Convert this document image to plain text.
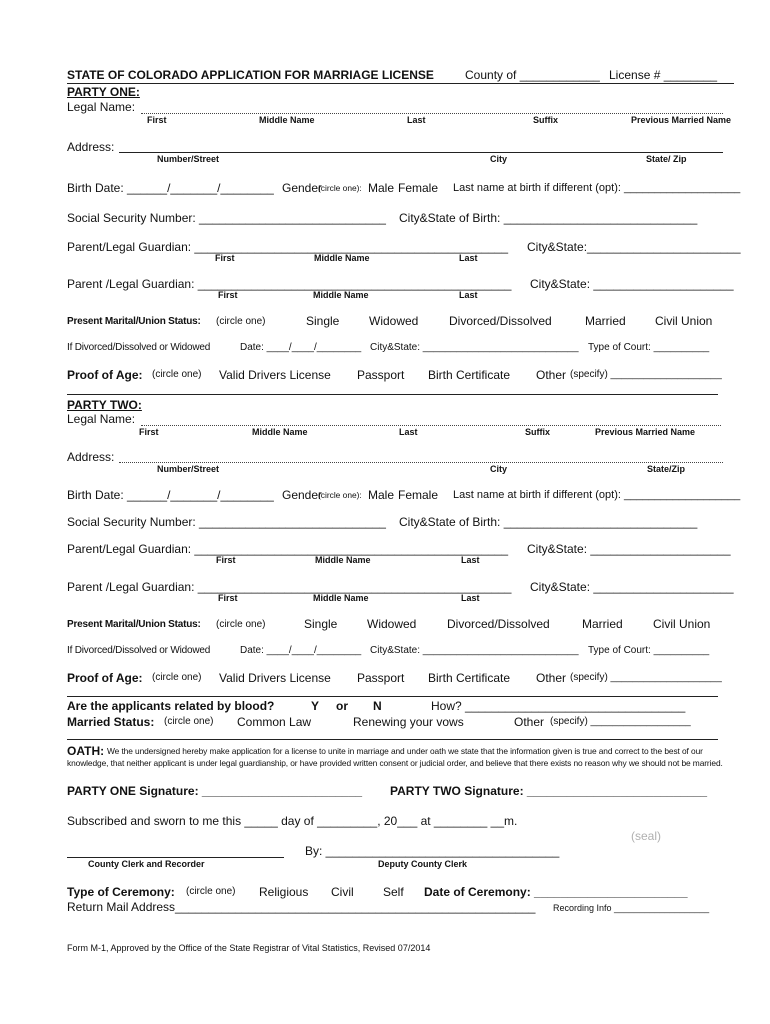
STATE OF COLORADO APPLICATION FOR MARRIAGE LICENSE	County of ____________ License # ________
PARTY ONE:
Legal Name:
First	Middle Name	Last	Suffix	Previous Married Name
Address:
Number/Street	City	State/ Zip
Birth Date: ______/_______/________ Gender
(circle one): Male Female Last name at birth if different (opt): ___________________
Social Security Number: ____________________________ City&State of Birth: _____________________________
Parent/Legal Guardian: _______________________________________________ City&State:_______________________
First	Middle Name	Last
Parent /Legal Guardian: _______________________________________________ City&State: _____________________
First	Middle Name	Last
Present Marital/Union Status: (circle one)	Single Widowed	Divorced/Dissolved	Married Civil Union
If Divorced/Dissolved or Widowed	Date: ____/____/________ City&State: ____________________________ Type of Court: __________
Proof of Age: (circle one) Valid Drivers License Passport Birth Certificate Other (specify) ____________________
PARTY TWO:
Legal Name:
First	Middle Name	Last	Suffix	Previous Married Name
Address:
Number/Street	City	State/Zip
Birth Date: ______/_______/________ Gender
(circle one): Male Female Last name at birth if different (opt): ___________________
Social Security Number: ____________________________ City&State of Birth: _____________________________
Parent/Legal Guardian: _______________________________________________ City&State: _____________________
First	Middle Name	Last
Parent /Legal Guardian: _______________________________________________ City&State: _____________________
First	Middle Name	Last
Present Marital/Union Status: (circle one)	Single Widowed	Divorced/Dissolved	Married	Civil Union
If Divorced/Dissolved or Widowed	Date: ____/____/________ City&State: ____________________________ Type of Court: __________
Proof of Age: (circle one) Valid Drivers License Passport Birth Certificate Other (specify) ____________________
Are the applicants related by blood?	Y or N	How? _________________________________
Married Status: (circle one) Common Law	Renewing your vows	Other (specify) __________________
OATH: We the undersigned hereby make application for a license to unite in marriage and under oath we state that the information given is true and correct to the best of our
knowledge, that neither applicant is under legal guardianship, or have provided written consent or judicial order, and believe that there exists no reason why we should not be married.
PARTY ONE Signature: ________________________ PARTY TWO Signature: ___________________________
Subscribed and sworn to me this _____ day of _________, 20___ at ________ __m.
(seal)
By: ___________________________________
County Clerk and Recorder	Deputy County Clerk
Type of Ceremony: (circle one) Religious Civil Self Date of Ceremony: _______________________
Return Mail Address______________________________________________________ Recording Info ___________________
Form M-1, Approved by the Office of the State Registrar of Vital Statistics, Revised 07/2014
